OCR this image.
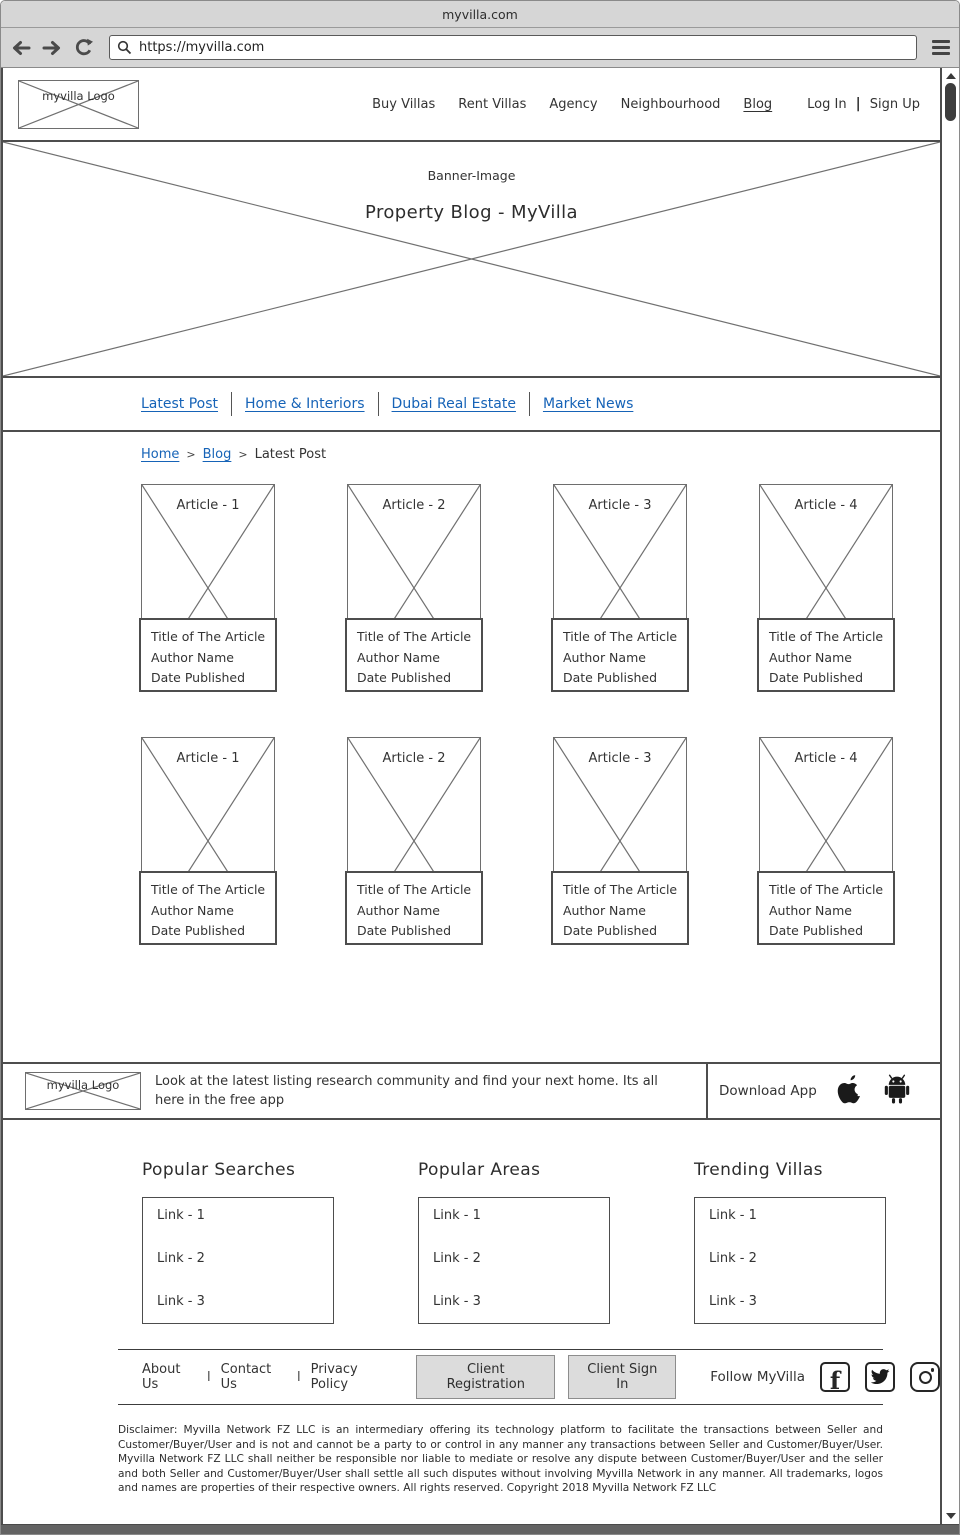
myvilla.com
https://myvilla.com
myvilla Logo
Buy Villas Rent Villas Agency Neighbourhood Blog	Log In | Sign Up
Banner-Image
Property Blog - MyVilla
Latest Post Home & Interiors Dubai Real Estate Market News
Home > Blog > Latest Post
Article - 1
Title of The Article
Author Name
Date Published
Article - 2
Title of The Article
Author Name
Date Published
Article - 3
Title of The Article
Author Name
Date Published
Article - 4
Title of The Article
Author Name
Date Published
Article - 1
Title of The Article
Author Name
Date Published
Article - 2
Title of The Article
Author Name
Date Published
Article - 3
Title of The Article
Author Name
Date Published
Article - 4
Title of The Article
Author Name
Date Published
myvilla Logo	Look at the latest listing research community and find your next home. Its all here in the free app
Download App
Popular Searches
Link - 1
Link - 2
Link - 3
Popular Areas
Link - 1
Link - 2
Link - 3
Trending Villas
Link - 1
Link - 2
Link - 3
About Us	I Contact Us	I Privacy Policy
Client Registration
Client Sign In	Follow MyVilla f
Disclaimer: Myvilla Network FZ LLC is an intermediary offering its technology platform to facilitate the transactions between Seller and Customer/Buyer/User and is not and cannot be a party to or control in any manner any transactions between Seller and Customer/Buyer/User. Myvilla Network FZ LLC shall neither be responsible nor liable to mediate or resolve any dispute between Customer/Buyer/User and the seller and both Seller and Customer/Buyer/User shall settle all such disputes without involving Myvilla Network in any manner. All trademarks, logos and names are properties of their respective owners. All rights reserved. Copyright 2018 Myvilla Network FZ LLC
